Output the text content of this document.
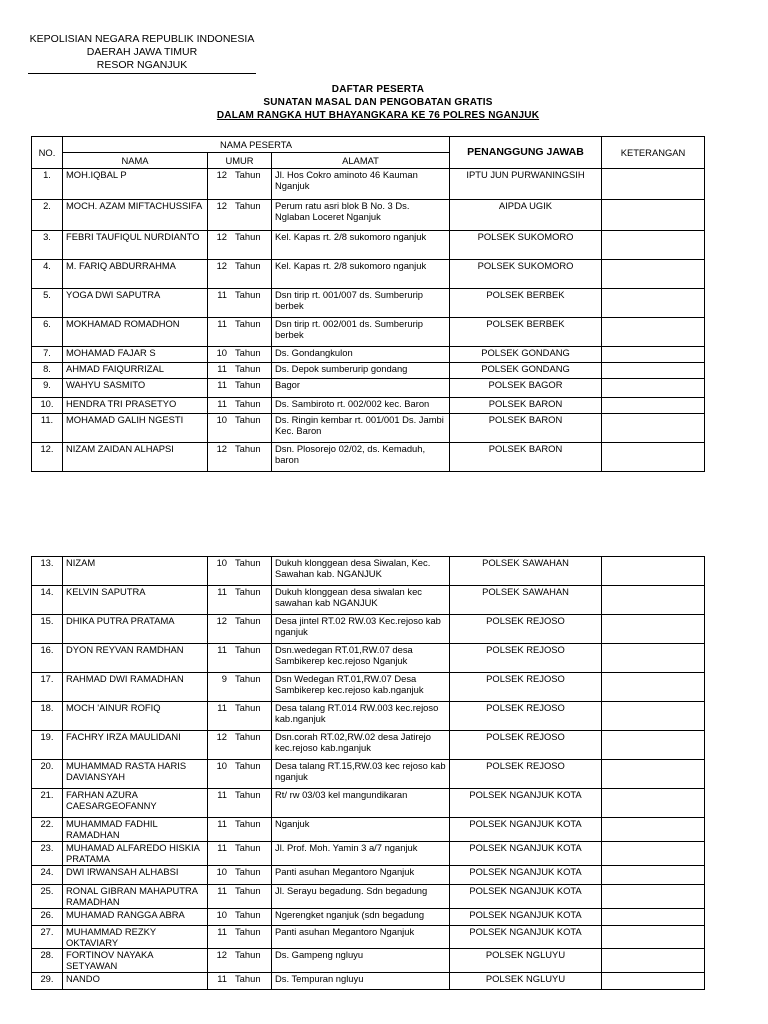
KEPOLISIAN NEGARA REPUBLIK INDONESIA
DAERAH JAWA TIMUR
RESOR NGANJUK
DAFTAR PESERTA
SUNATAN MASAL DAN PENGOBATAN GRATIS
DALAM RANGKA HUT BHAYANGKARA KE 76 POLRES NGANJUK
NO.	NAMA PESERTA			PENANGGUNG JAWAB	KETERANGAN
	NAMA	UMUR	ALAMAT		
1.	MOH.IQBAL P	12 Tahun	Jl. Hos Cokro aminoto 46 Kauman Nganjuk	IPTU JUN PURWANINGSIH	
2.	MOCH. AZAM MIFTACHUSSIFA	12 Tahun	Perum ratu asri blok B No. 3 Ds. Nglaban Loceret Nganjuk	AIPDA UGIK	
3.	FEBRI TAUFIQUL NURDIANTO	12 Tahun	Kel. Kapas rt. 2/8 sukomoro nganjuk	POLSEK SUKOMORO	
4.	M. FARIQ ABDURRAHMA	12 Tahun	Kel. Kapas rt. 2/8 sukomoro nganjuk	POLSEK SUKOMORO	
5.	YOGA DWI SAPUTRA	11 Tahun	Dsn tirip rt. 001/007 ds. Sumberurip berbek	POLSEK BERBEK	
6.	MOKHAMAD ROMADHON	11 Tahun	Dsn tirip rt. 002/001 ds. Sumberurip berbek	POLSEK BERBEK	
7.	MOHAMAD FAJAR S	10 Tahun	Ds. Gondangkulon	POLSEK GONDANG	
8.	AHMAD FAIQURRIZAL	11 Tahun	Ds. Depok sumberurip gondang	POLSEK GONDANG	
9.	WAHYU SASMITO	11 Tahun	Bagor	POLSEK BAGOR	
10.	HENDRA TRI PRASETYO	11 Tahun	Ds. Sambiroto rt. 002/002 kec. Baron	POLSEK BARON	
11.	MOHAMAD GALIH NGESTI	10 Tahun	Ds. Ringin kembar rt. 001/001 Ds. Jambi Kec. Baron	POLSEK BARON	
12.	NIZAM ZAIDAN ALHAPSI	12 Tahun	Dsn. Plosorejo 02/02, ds. Kemaduh, baron	POLSEK BARON	
13.	NIZAM	10 Tahun	Dukuh klonggean desa Siwalan, Kec. Sawahan kab. NGANJUK	POLSEK SAWAHAN	
14.	KELVIN SAPUTRA	11 Tahun	Dukuh klonggean desa siwalan kec sawahan kab NGANJUK	POLSEK SAWAHAN	
15.	DHIKA PUTRA PRATAMA	12 Tahun	Desa jintel RT.02 RW.03 Kec.rejoso kab nganjuk	POLSEK REJOSO	
16.	DYON REYVAN RAMDHAN	11 Tahun	Dsn.wedegan RT.01,RW.07 desa Sambikerep kec.rejoso Nganjuk	POLSEK REJOSO	
17.	RAHMAD DWI RAMADHAN	9 Tahun	Dsn Wedegan RT.01,RW.07 Desa Sambikerep kec.rejoso kab.nganjuk	POLSEK REJOSO	
18.	MOCH 'AINUR ROFIQ	11 Tahun	Desa talang RT.014 RW.003 kec.rejoso kab.nganjuk	POLSEK REJOSO	
19.	FACHRY IRZA MAULIDANI	12 Tahun	Dsn.corah RT.02,RW.02 desa Jatirejo kec.rejoso kab.nganjuk	POLSEK REJOSO	
20.	MUHAMMAD RASTA HARIS DAVIANSYAH	10 Tahun	Desa talang RT.15,RW.03 kec rejoso kab nganjuk	POLSEK REJOSO	
21.	FARHAN AZURA CAESARGEOFANNY	11 Tahun	Rt/ rw 03/03 kel mangundikaran	POLSEK NGANJUK KOTA	
22.	MUHAMMAD FADHIL RAMADHAN	11 Tahun	Nganjuk	POLSEK NGANJUK KOTA	
23.	MUHAMAD ALFAREDO HISKIA PRATAMA	11 Tahun	Jl. Prof. Moh. Yamin 3 a/7 nganjuk	POLSEK NGANJUK KOTA	
24.	DWI IRWANSAH ALHABSI	10 Tahun	Panti asuhan Megantoro Nganjuk	POLSEK NGANJUK KOTA	
25.	RONAL GIBRAN MAHAPUTRA RAMADHAN	11 Tahun	Jl. Serayu begadung. Sdn begadung	POLSEK NGANJUK KOTA	
26.	MUHAMAD RANGGA ABRA	10 Tahun	Ngerengket nganjuk (sdn begadung	POLSEK NGANJUK KOTA	
27.	MUHAMMAD REZKY OKTAVIARY	11 Tahun	Panti asuhan Megantoro Nganjuk	POLSEK NGANJUK KOTA	
28.	FORTINOV NAYAKA SETYAWAN	12 Tahun	Ds. Gampeng ngluyu	POLSEK NGLUYU	
29.	NANDO	11 Tahun	Ds. Tempuran ngluyu	POLSEK NGLUYU	
